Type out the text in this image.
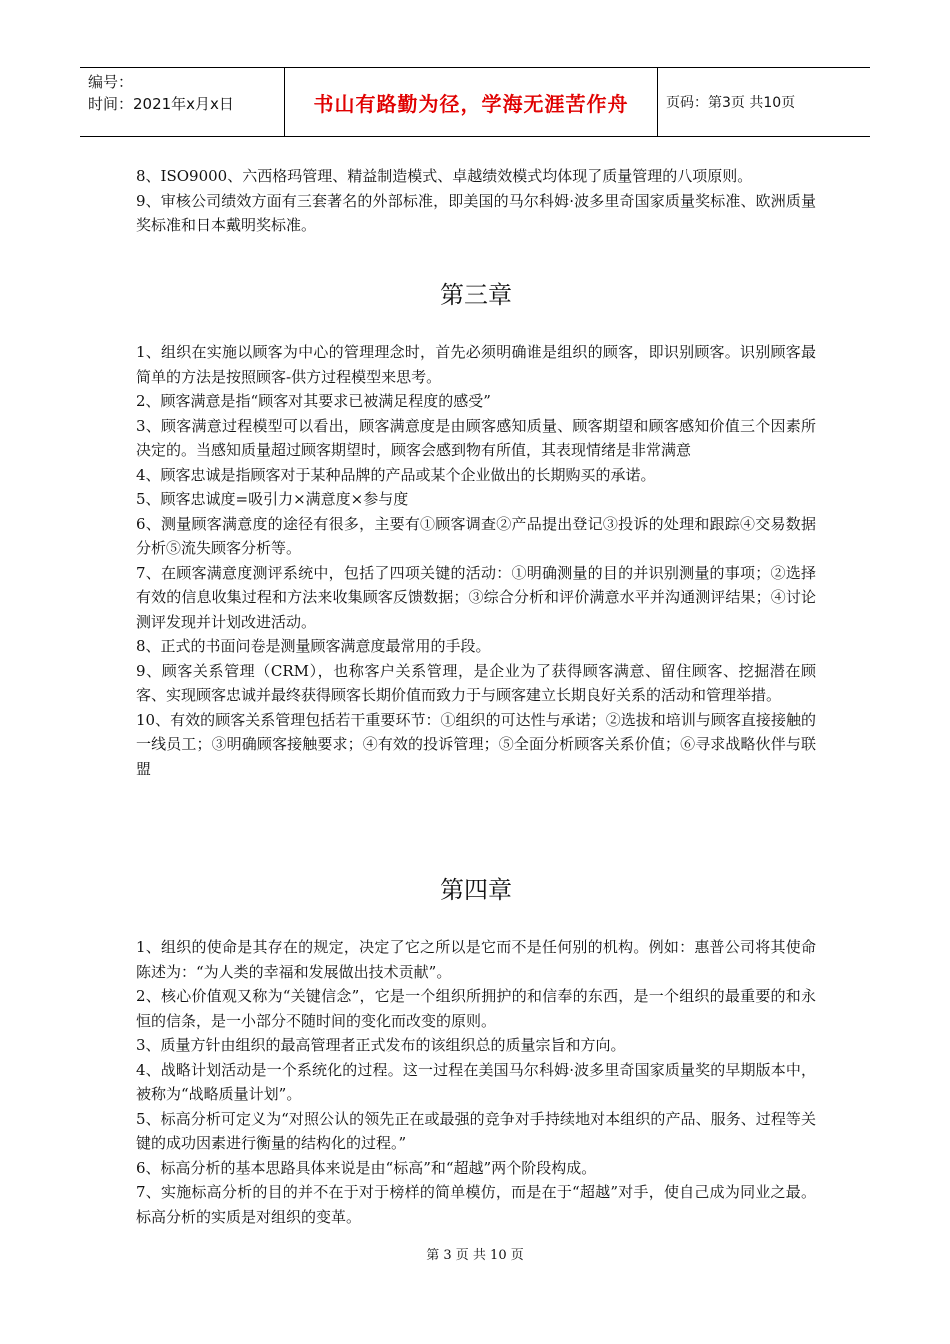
编号：
时间：2021年x月x日	书山有路勤为径，学海无涯苦作舟	页码：第3页 共10页

8、ISO9000、六西格玛管理、精益制造模式、卓越绩效模式均体现了质量管理的八项原则。

9、审核公司绩效方面有三套著名的外部标准，即美国的马尔科姆·波多里奇国家质量奖标准、欧洲质量奖标准和日本戴明奖标准。

第三章

1、组织在实施以顾客为中心的管理理念时，首先必须明确谁是组织的顾客，即识别顾客。识别顾客最简单的方法是按照顾客-供方过程模型来思考。

2、顾客满意是指“顾客对其要求已被满足程度的感受”

3、顾客满意过程模型可以看出，顾客满意度是由顾客感知质量、顾客期望和顾客感知价值三个因素所决定的。当感知质量超过顾客期望时，顾客会感到物有所值，其表现情绪是非常满意

4、顾客忠诚是指顾客对于某种品牌的产品或某个企业做出的长期购买的承诺。

5、顾客忠诚度=吸引力×满意度×参与度

6、测量顾客满意度的途径有很多，主要有①顾客调查②产品提出登记③投诉的处理和跟踪④交易数据分析⑤流失顾客分析等。

7、在顾客满意度测评系统中，包括了四项关键的活动：①明确测量的目的并识别测量的事项；②选择有效的信息收集过程和方法来收集顾客反馈数据；③综合分析和评价满意水平并沟通测评结果；④讨论测评发现并计划改进活动。

8、正式的书面问卷是测量顾客满意度最常用的手段。

9、顾客关系管理（CRM），也称客户关系管理，是企业为了获得顾客满意、留住顾客、挖掘潜在顾客、实现顾客忠诚并最终获得顾客长期价值而致力于与顾客建立长期良好关系的活动和管理举措。

10、有效的顾客关系管理包括若干重要环节：①组织的可达性与承诺；②选拔和培训与顾客直接接触的一线员工；③明确顾客接触要求；④有效的投诉管理；⑤全面分析顾客关系价值；⑥寻求战略伙伴与联盟

第四章

1、组织的使命是其存在的规定，决定了它之所以是它而不是任何别的机构。例如：惠普公司将其使命陈述为：“为人类的幸福和发展做出技术贡献”。

2、核心价值观又称为“关键信念”，它是一个组织所拥护的和信奉的东西，是一个组织的最重要的和永恒的信条，是一小部分不随时间的变化而改变的原则。

3、质量方针由组织的最高管理者正式发布的该组织总的质量宗旨和方向。

4、战略计划活动是一个系统化的过程。这一过程在美国马尔科姆·波多里奇国家质量奖的早期版本中，被称为“战略质量计划”。

5、标高分析可定义为“对照公认的领先正在或最强的竞争对手持续地对本组织的产品、服务、过程等关键的成功因素进行衡量的结构化的过程。”

6、标高分析的基本思路具体来说是由“标高”和“超越”两个阶段构成。

7、实施标高分析的目的并不在于对于榜样的简单模仿，而是在于“超越”对手，使自己成为同业之最。 标高分析的实质是对组织的变革。

第 3 页 共 10 页
